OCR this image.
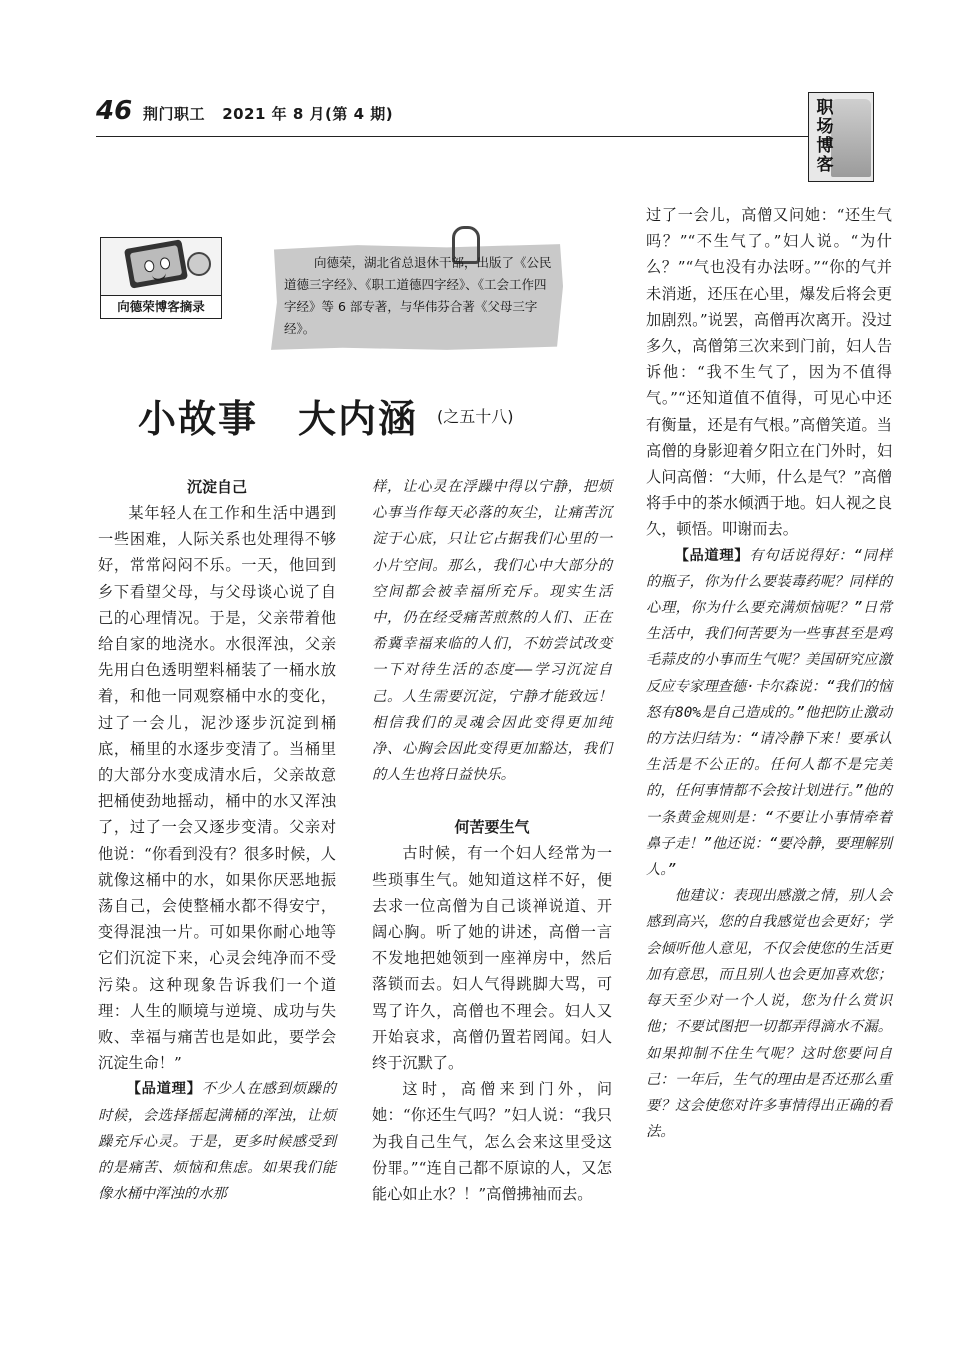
46 荆门职工 2021 年 8 月(第 4 期)	职场博客
向德荣博客摘录
向德荣，湖北省总退休干部，出版了《公民道德三字经》、《职工道德四字经》、《工会工作四字经》等 6 部专著，与华伟芬合著《父母三字经》。
小故事　大内涵 (之五十八)
沉淀自己

某年轻人在工作和生活中遇到一些困难，人际关系也处理得不够好，常常闷闷不乐。一天，他回到乡下看望父母，与父母谈心说了自己的心理情况。于是，父亲带着他给自家的地浇水。水很浑浊，父亲先用白色透明塑料桶装了一桶水放着，和他一同观察桶中水的变化，过了一会儿，泥沙逐步沉淀到桶底，桶里的水逐步变清了。当桶里的大部分水变成清水后，父亲故意把桶使劲地摇动，桶中的水又浑浊了，过了一会又逐步变清。父亲对他说：“你看到没有？很多时候，人就像这桶中的水，如果你厌恶地振荡自己，会使整桶水都不得安宁，变得混浊一片。可如果你耐心地等它们沉淀下来，心灵会纯净而不受污染。这种现象告诉我们一个道理：人生的顺境与逆境、成功与失败、幸福与痛苦也是如此，要学会沉淀生命！”

【品道理】不少人在感到烦躁的时候，会选择摇起满桶的浑浊，让烦躁充斥心灵。于是，更多时候感受到的是痛苦、烦恼和焦虑。如果我们能像水桶中浑浊的水那

样，让心灵在浮躁中得以宁静，把烦心事当作每天必落的灰尘，让痛苦沉淀于心底，只让它占据我们心里的一小片空间。那么，我们心中大部分的空间都会被幸福所充斥。现实生活中，仍在经受痛苦煎熬的人们、正在希冀幸福来临的人们，不妨尝试改变一下对待生活的态度——学习沉淀自己。人生需要沉淀，宁静才能致远！相信我们的灵魂会因此变得更加纯净、心胸会因此变得更加豁达，我们的人生也将日益快乐。

何苦要生气

古时候，有一个妇人经常为一些琐事生气。她知道这样不好，便去求一位高僧为自己谈禅说道、开阔心胸。听了她的讲述，高僧一言不发地把她领到一座禅房中，然后落锁而去。妇人气得跳脚大骂，可骂了许久，高僧也不理会。妇人又开始哀求，高僧仍置若罔闻。妇人终于沉默了。

这时，高僧来到门外，问她：“你还生气吗？”妇人说：“我只为我自己生气，怎么会来这里受这份罪。”“连自己都不原谅的人，又怎能心如止水？！”高僧拂袖而去。

过了一会儿，高僧又问她：“还生气吗？”“不生气了。”妇人说。“为什么？”“气也没有办法呀。”“你的气并未消逝，还压在心里，爆发后将会更加剧烈。”说罢，高僧再次离开。没过多久，高僧第三次来到门前，妇人告诉他：“我不生气了，因为不值得气。”“还知道值不值得，可见心中还有衡量，还是有气根。”高僧笑道。当高僧的身影迎着夕阳立在门外时，妇人问高僧：“大师，什么是气？”高僧将手中的茶水倾洒于地。妇人视之良久，顿悟。叩谢而去。

【品道理】有句话说得好：“同样的瓶子，你为什么要装毒药呢？同样的心理，你为什么要充满烦恼呢？”日常生活中，我们何苦要为一些事甚至是鸡毛蒜皮的小事而生气呢？美国研究应激反应专家理查德·卡尔森说：“我们的恼怒有80%是自己造成的。”他把防止激动的方法归结为：“请冷静下来！要承认生活是不公正的。任何人都不是完美的，任何事情都不会按计划进行。”他的一条黄金规则是：“不要让小事情牵着鼻子走！”他还说：“要冷静，要理解别人。”

他建议：表现出感激之情，别人会感到高兴，您的自我感觉也会更好；学会倾听他人意见，不仅会使您的生活更加有意思，而且别人也会更加喜欢您；每天至少对一个人说，您为什么赏识他；不要试图把一切都弄得滴水不漏。如果抑制不住生气呢？这时您要问自己：一年后，生气的理由是否还那么重要？这会使您对许多事情得出正确的看法。
